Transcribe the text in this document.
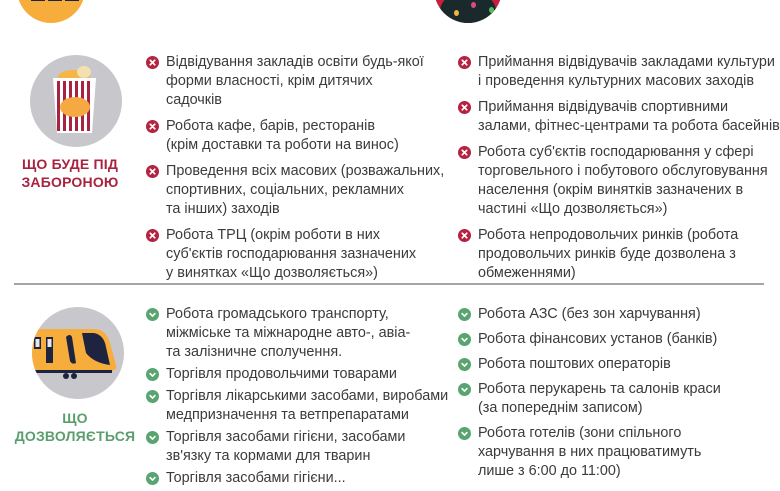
ЩО БУДЕ ПІД ЗАБОРОНОЮ
Відвідування закладів освіти будь-якої
форми власності, крім дитячих
садочків
Робота кафе, барів, ресторанів
(крім доставки та роботи на винос)
Проведення всіх масових (розважальних,
спортивних, соціальних, рекламних
та інших) заходів
Робота ТРЦ (окрім роботи в них
суб'єктів господарювання зазначених
у винятках «Що дозволяється»)
Приймання відвідувачів закладами культури
і проведення культурних масових заходів
Приймання відвідувачів спортивними
залами, фітнес-центрами та робота басейнів
Робота суб'єктів господарювання у сфері
торговельного і побутового обслуговування
населення (окрім винятків зазначених в
частині «Що дозволяється»)
Робота непродовольчих ринків (робота
продовольчих ринків буде дозволена з
обмеженнями)
ЩО ДОЗВОЛЯЄТЬСЯ
Робота громадського транспорту,
міжміське та міжнародне авто-, авіа-
та залізничне сполучення.
Торгівля продовольчими товарами
Торгівля лікарськими засобами, виробами
медпризначення та ветпрепаратами
Торгівля засобами гігієни, засобами
зв'язку та кормами для тварин
Торгівля засобами гігієни...
Робота АЗС (без зон харчування)
Робота фінансових установ (банків)
Робота поштових операторів
Робота перукарень та салонів краси
(за попереднім записом)
Робота готелів (зони спільного
харчування в них працюватимуть
лише з 6:00 до 11:00)
